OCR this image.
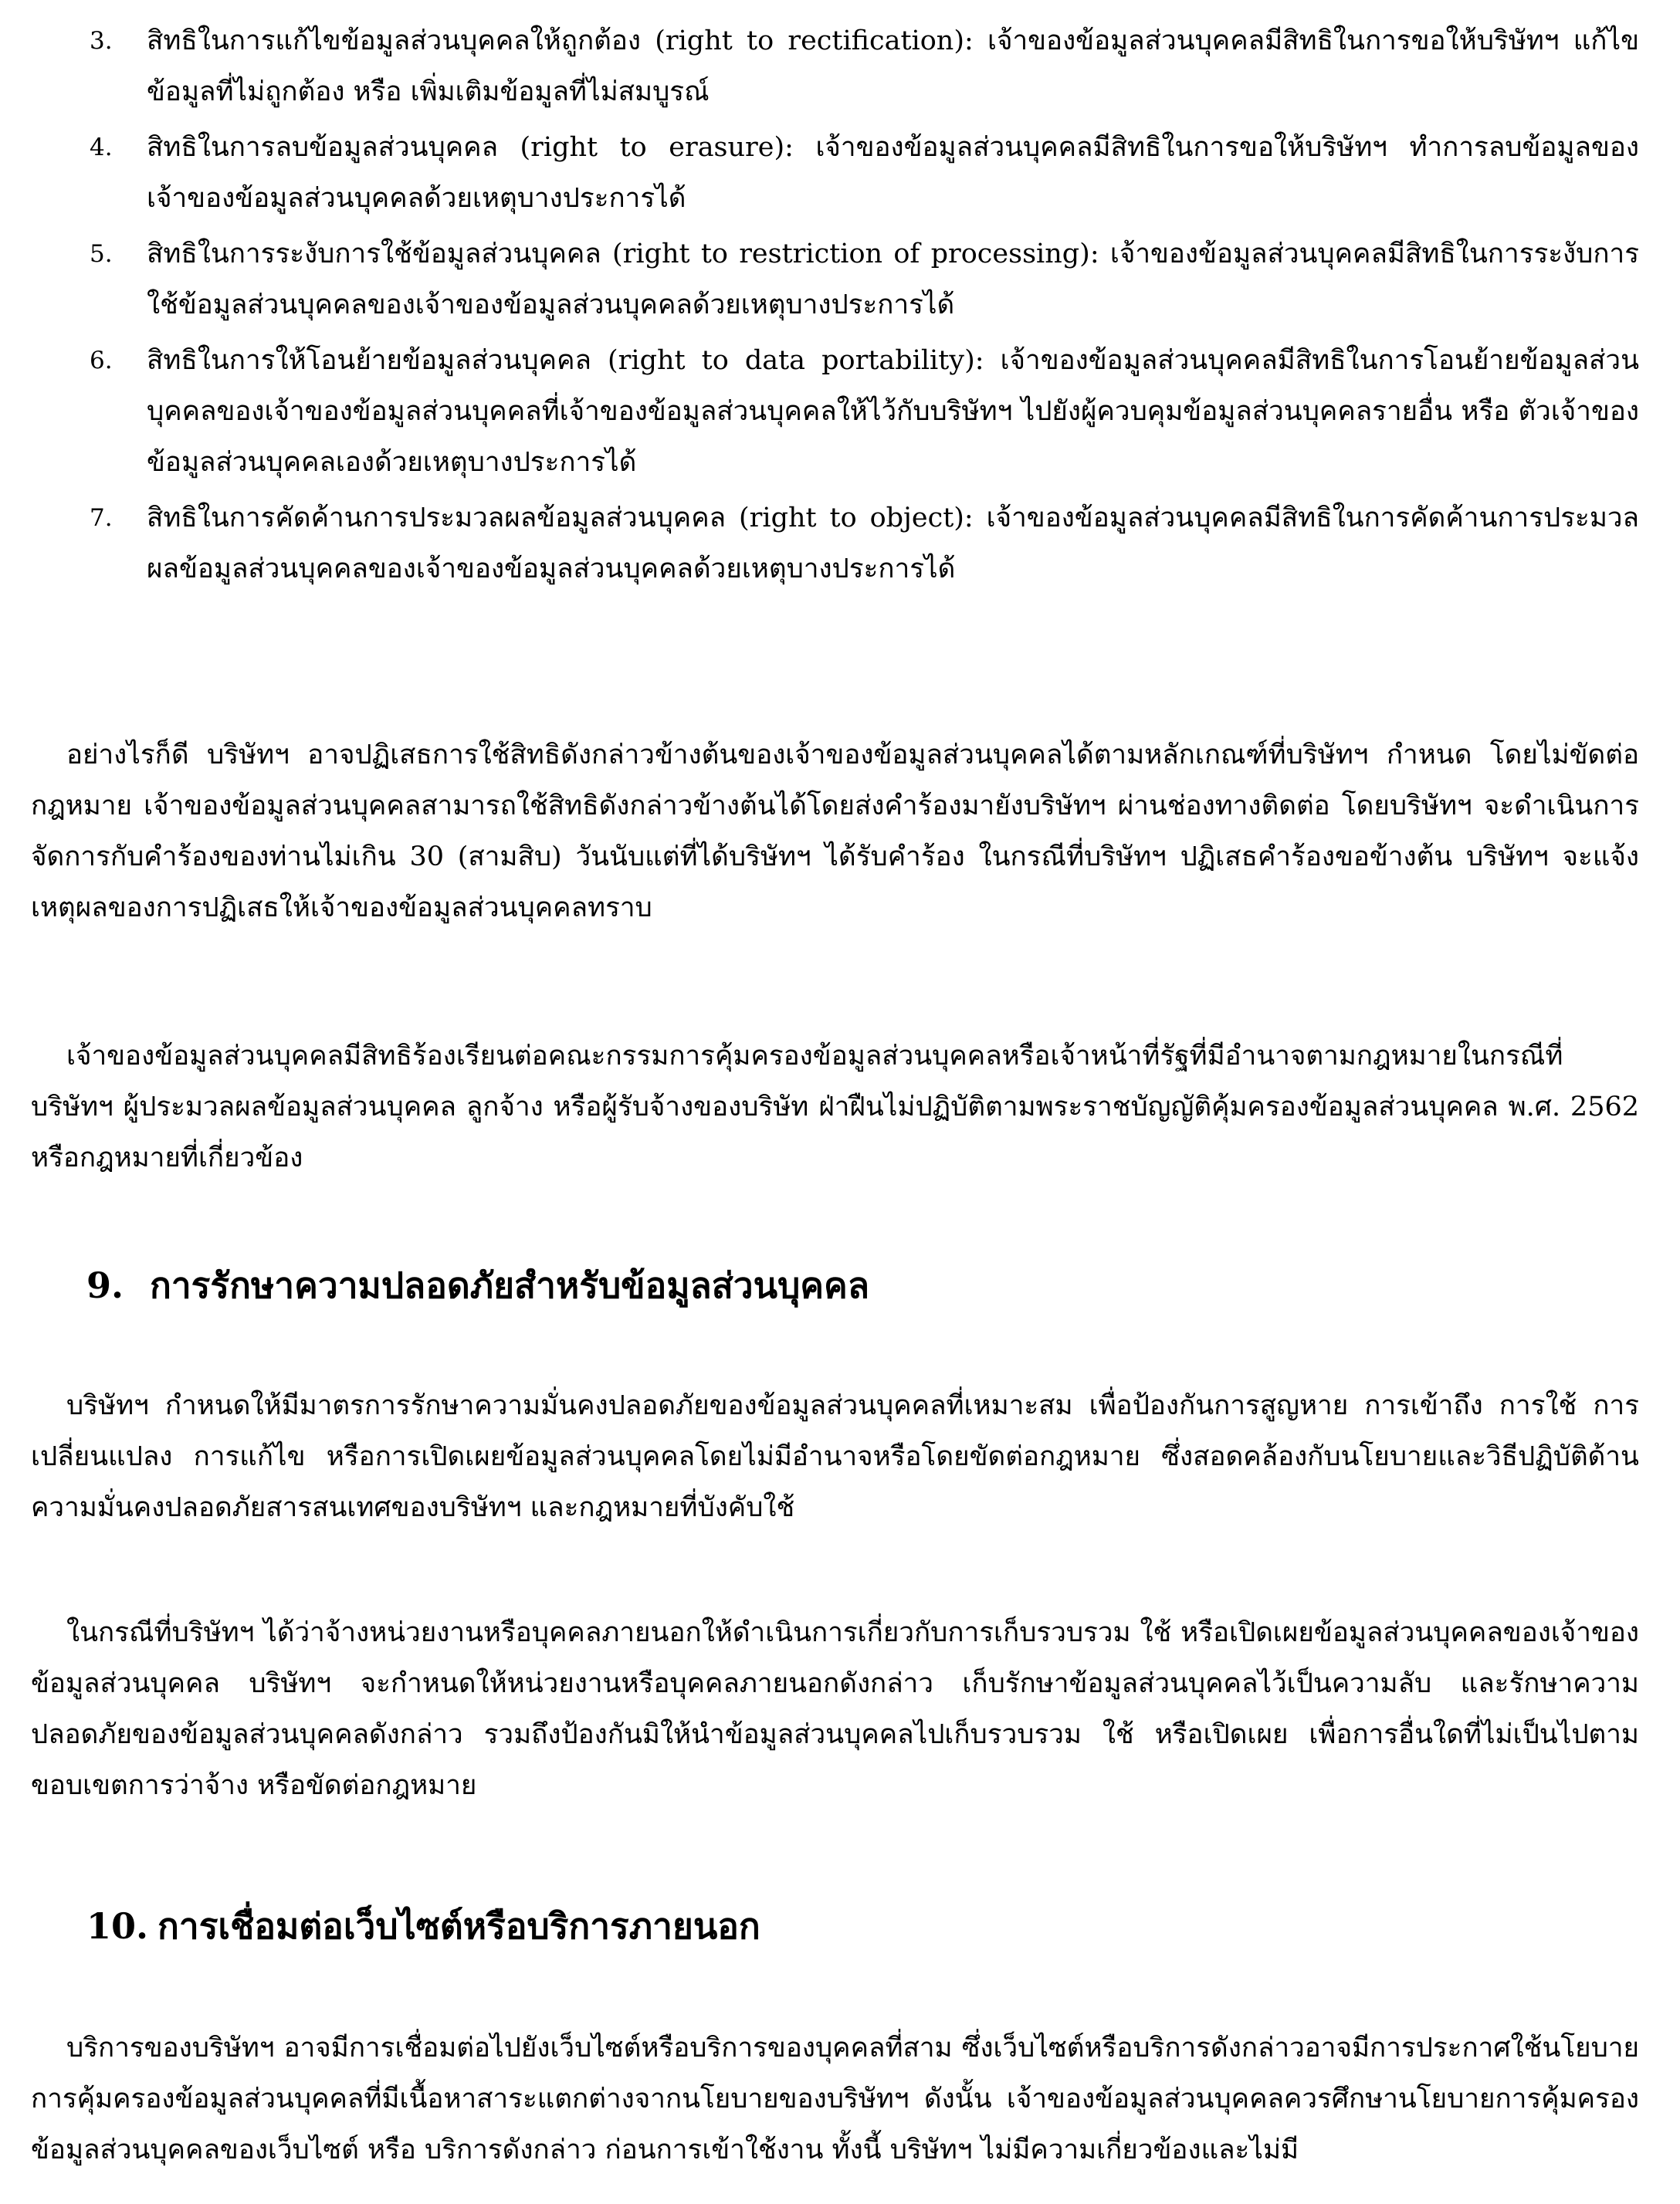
3. สิทธิในการแก้ไขข้อมูลส่วนบุคคลให้ถูกต้อง (right to rectification): เจ้าของข้อมูลส่วนบุคคลมีสิทธิในการขอให้บริษัทฯ แก้ไขข้อมูลที่ไม่ถูกต้อง หรือ เพิ่มเติมข้อมูลที่ไม่สมบูรณ์
4. สิทธิในการลบข้อมูลส่วนบุคคล (right to erasure): เจ้าของข้อมูลส่วนบุคคลมีสิทธิในการขอให้บริษัทฯ ทำการลบข้อมูลของเจ้าของข้อมูลส่วนบุคคลด้วยเหตุบางประการได้
5. สิทธิในการระงับการใช้ข้อมูลส่วนบุคคล (right to restriction of processing): เจ้าของข้อมูลส่วนบุคคลมีสิทธิในการระงับการใช้ข้อมูลส่วนบุคคลของเจ้าของข้อมูลส่วนบุคคลด้วยเหตุบางประการได้
6. สิทธิในการให้โอนย้ายข้อมูลส่วนบุคคล (right to data portability): เจ้าของข้อมูลส่วนบุคคลมีสิทธิในการโอนย้ายข้อมูลส่วนบุคคลของเจ้าของข้อมูลส่วนบุคคลที่เจ้าของข้อมูลส่วนบุคคลให้ไว้กับบริษัทฯ ไปยังผู้ควบคุมข้อมูลส่วนบุคคลรายอื่น หรือ ตัวเจ้าของข้อมูลส่วนบุคคลเองด้วยเหตุบางประการได้
7. สิทธิในการคัดค้านการประมวลผลข้อมูลส่วนบุคคล (right to object): เจ้าของข้อมูลส่วนบุคคลมีสิทธิในการคัดค้านการประมวลผลข้อมูลส่วนบุคคลของเจ้าของข้อมูลส่วนบุคคลด้วยเหตุบางประการได้

อย่างไรก็ดี บริษัทฯ อาจปฏิเสธการใช้สิทธิดังกล่าวข้างต้นของเจ้าของข้อมูลส่วนบุคคลได้ตามหลักเกณฑ์ที่บริษัทฯ กำหนด โดยไม่ขัดต่อกฎหมาย เจ้าของข้อมูลส่วนบุคคลสามารถใช้สิทธิดังกล่าวข้างต้นได้โดยส่งคำร้องมายังบริษัทฯ ผ่านช่องทางติดต่อ โดยบริษัทฯ จะดำเนินการจัดการกับคำร้องของท่านไม่เกิน 30 (สามสิบ) วันนับแต่ที่ได้บริษัทฯ ได้รับคำร้อง ในกรณีที่บริษัทฯ ปฏิเสธคำร้องขอข้างต้น บริษัทฯ จะแจ้งเหตุผลของการปฏิเสธให้เจ้าของข้อมูลส่วนบุคคลทราบ

เจ้าของข้อมูลส่วนบุคคลมีสิทธิร้องเรียนต่อคณะกรรมการคุ้มครองข้อมูลส่วนบุคคลหรือเจ้าหน้าที่รัฐที่มีอำนาจตามกฎหมายในกรณีที่บริษัทฯ ผู้ประมวลผลข้อมูลส่วนบุคคล ลูกจ้าง หรือผู้รับจ้างของบริษัท ฝ่าฝืนไม่ปฏิบัติตามพระราชบัญญัติคุ้มครองข้อมูลส่วนบุคคล พ.ศ. 2562 หรือกฎหมายที่เกี่ยวข้อง

9. การรักษาความปลอดภัยสำหรับข้อมูลส่วนบุคคล

บริษัทฯ กำหนดให้มีมาตรการรักษาความมั่นคงปลอดภัยของข้อมูลส่วนบุคคลที่เหมาะสม เพื่อป้องกันการสูญหาย การเข้าถึง การใช้ การเปลี่ยนแปลง การแก้ไข หรือการเปิดเผยข้อมูลส่วนบุคคลโดยไม่มีอำนาจหรือโดยขัดต่อกฎหมาย ซึ่งสอดคล้องกับนโยบายและวิธีปฏิบัติด้านความมั่นคงปลอดภัยสารสนเทศของบริษัทฯ และกฎหมายที่บังคับใช้

ในกรณีที่บริษัทฯ ได้ว่าจ้างหน่วยงานหรือบุคคลภายนอกให้ดำเนินการเกี่ยวกับการเก็บรวบรวม ใช้ หรือเปิดเผยข้อมูลส่วนบุคคลของเจ้าของข้อมูลส่วนบุคคล บริษัทฯ จะกำหนดให้หน่วยงานหรือบุคคลภายนอกดังกล่าว เก็บรักษาข้อมูลส่วนบุคคลไว้เป็นความลับ และรักษาความปลอดภัยของข้อมูลส่วนบุคคลดังกล่าว รวมถึงป้องกันมิให้นำข้อมูลส่วนบุคคลไปเก็บรวบรวม ใช้ หรือเปิดเผย เพื่อการอื่นใดที่ไม่เป็นไปตามขอบเขตการว่าจ้าง หรือขัดต่อกฎหมาย

10. การเชื่อมต่อเว็บไซต์หรือบริการภายนอก

บริการของบริษัทฯ อาจมีการเชื่อมต่อไปยังเว็บไซต์หรือบริการของบุคคลที่สาม ซึ่งเว็บไซต์หรือบริการดังกล่าวอาจมีการประกาศใช้นโยบายการคุ้มครองข้อมูลส่วนบุคคลที่มีเนื้อหาสาระแตกต่างจากนโยบายของบริษัทฯ ดังนั้น เจ้าของข้อมูลส่วนบุคคลควรศึกษานโยบายการคุ้มครองข้อมูลส่วนบุคคลของเว็บไซต์ หรือ บริการดังกล่าว ก่อนการเข้าใช้งาน ทั้งนี้ บริษัทฯ ไม่มีความเกี่ยวข้องและไม่มี
